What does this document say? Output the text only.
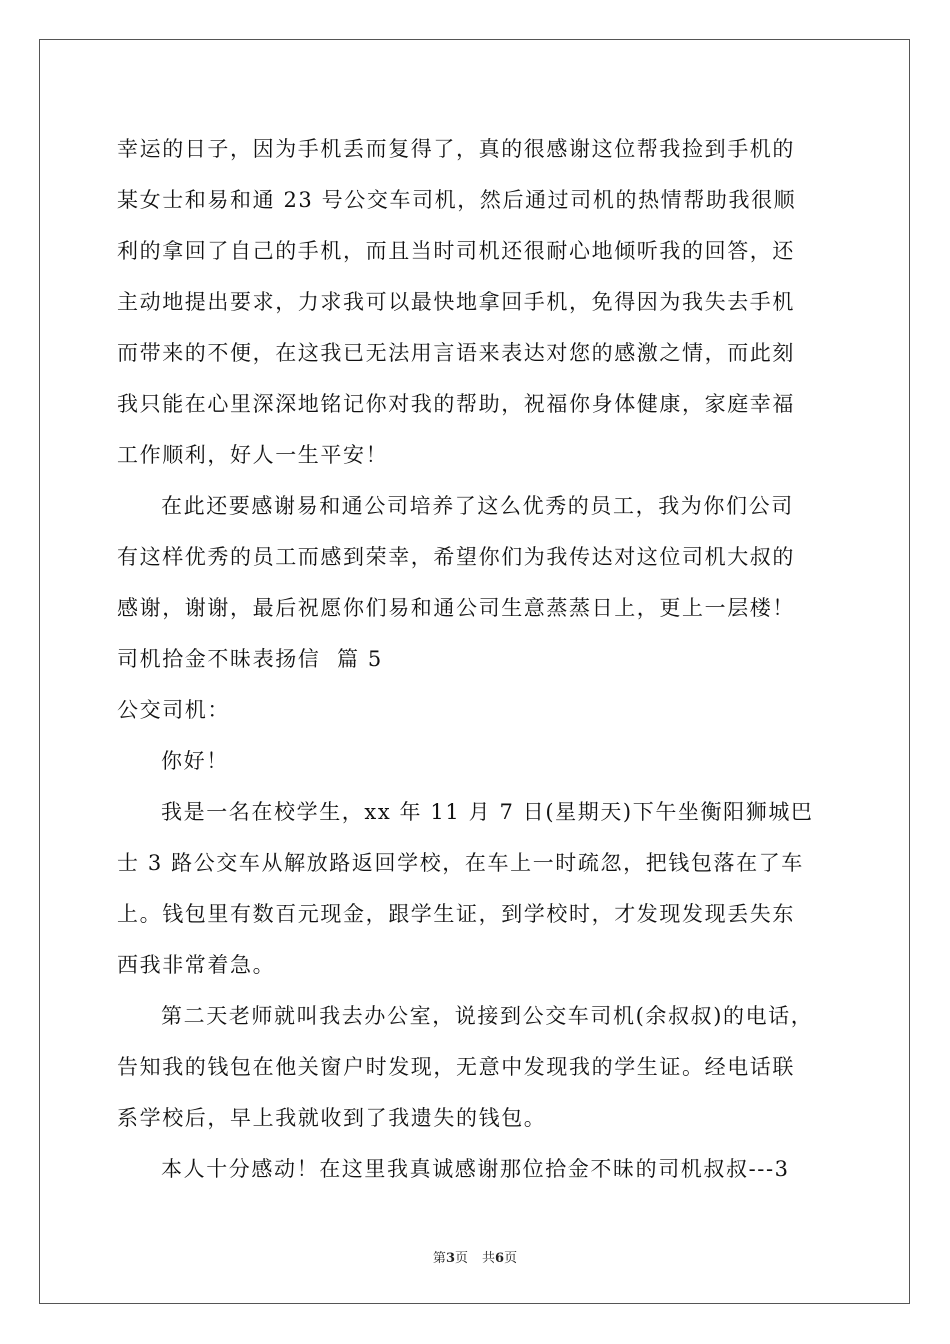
幸运的日子，因为手机丢而复得了，真的很感谢这位帮我捡到手机的
某女士和易和通 23 号公交车司机，然后通过司机的热情帮助我很顺
利的拿回了自己的手机，而且当时司机还很耐心地倾听我的回答，还
主动地提出要求，力求我可以最快地拿回手机，免得因为我失去手机
而带来的不便，在这我已无法用言语来表达对您的感激之情，而此刻
我只能在心里深深地铭记你对我的帮助，祝福你身体健康，家庭幸福
工作顺利，好人一生平安！
在此还要感谢易和通公司培养了这么优秀的员工，我为你们公司
有这样优秀的员工而感到荣幸，希望你们为我传达对这位司机大叔的
感谢，谢谢，最后祝愿你们易和通公司生意蒸蒸日上，更上一层楼！
司机拾金不昧表扬信  篇 5
公交司机：
你好！
我是一名在校学生，xx 年 11 月 7 日(星期天)下午坐衡阳狮城巴
士 3 路公交车从解放路返回学校，在车上一时疏忽，把钱包落在了车
上。钱包里有数百元现金，跟学生证，到学校时，才发现发现丢失东
西我非常着急。
第二天老师就叫我去办公室，说接到公交车司机(余叔叔)的电话，
告知我的钱包在他关窗户时发现，无意中发现我的学生证。经电话联
系学校后，早上我就收到了我遗失的钱包。
本人十分感动！在这里我真诚感谢那位拾金不昧的司机叔叔---3
第3页 共6页
